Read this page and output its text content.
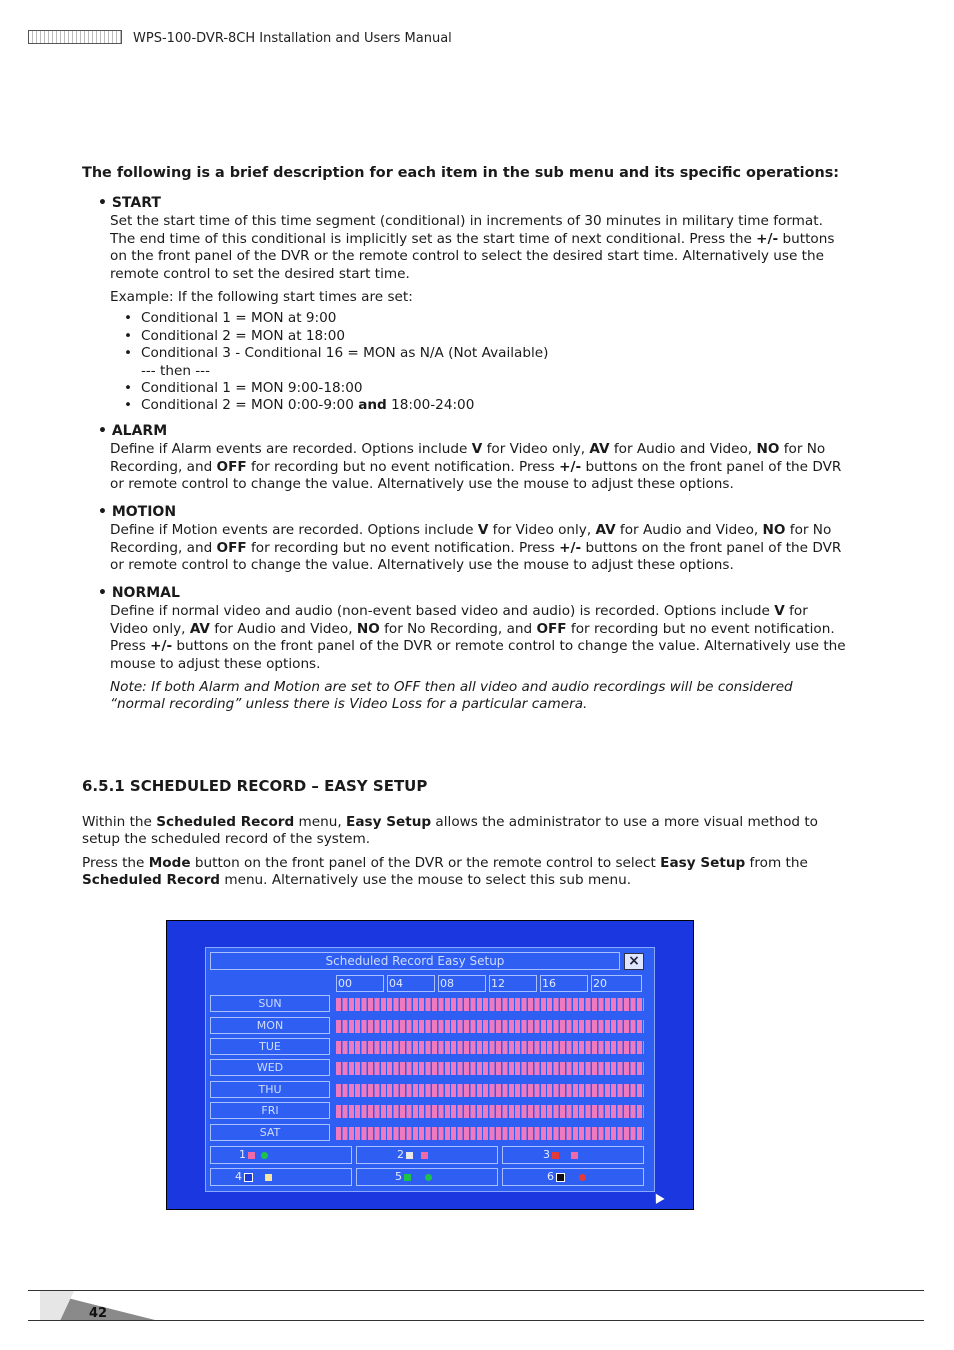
WPS-100-DVR-8CH Installation and Users Manual
The following is a brief description for each item in the sub menu and its specific operations:
• START

Set the start time of this time segment (conditional) in increments of 30 minutes in military time format. The end time of this conditional is implicitly set as the start time of next conditional. Press the +/- buttons on the front panel of the DVR or the remote control to select the desired start time. Alternatively use the remote control to set the desired start time.

Example: If the following start times are set:

• Conditional 1 = MON at 9:00
• Conditional 2 = MON at 18:00
• Conditional 3 - Conditional 16 = MON as N/A (Not Available)
--- then ---
• Conditional 1 = MON 9:00-18:00
• Conditional 2 = MON 0:00-9:00 and 18:00-24:00
• ALARM

Define if Alarm events are recorded. Options include V for Video only, AV for Audio and Video, NO for No Recording, and OFF for recording but no event notification. Press +/- buttons on the front panel of the DVR or remote control to change the value. Alternatively use the mouse to adjust these options.

• MOTION

Define if Motion events are recorded. Options include V for Video only, AV for Audio and Video, NO for No Recording, and OFF for recording but no event notification. Press +/- buttons on the front panel of the DVR or remote control to change the value. Alternatively use the mouse to adjust these options.

• NORMAL

Define if normal video and audio (non-event based video and audio) is recorded. Options include V for Video only, AV for Audio and Video, NO for No Recording, and OFF for recording but no event notification. Press +/- buttons on the front panel of the DVR or remote control to change the value. Alternatively use the mouse to adjust these options.

Note: If both Alarm and Motion are set to OFF then all video and audio recordings will be considered “normal recording” unless there is Video Loss for a particular camera.

6.5.1 SCHEDULED RECORD – EASY SETUP

Within the Scheduled Record menu, Easy Setup allows the administrator to use a more visual method to setup the scheduled record of the system.

Press the Mode button on the front panel of the DVR or the remote control to select Easy Setup from the Scheduled Record menu. Alternatively use the mouse to select this sub menu.

Scheduled Record Easy Setup	×
00	04	08	12	16	20
SUN
MON
TUE
WED
THU
FRI
SAT
1	2	3
4	5	6
42
